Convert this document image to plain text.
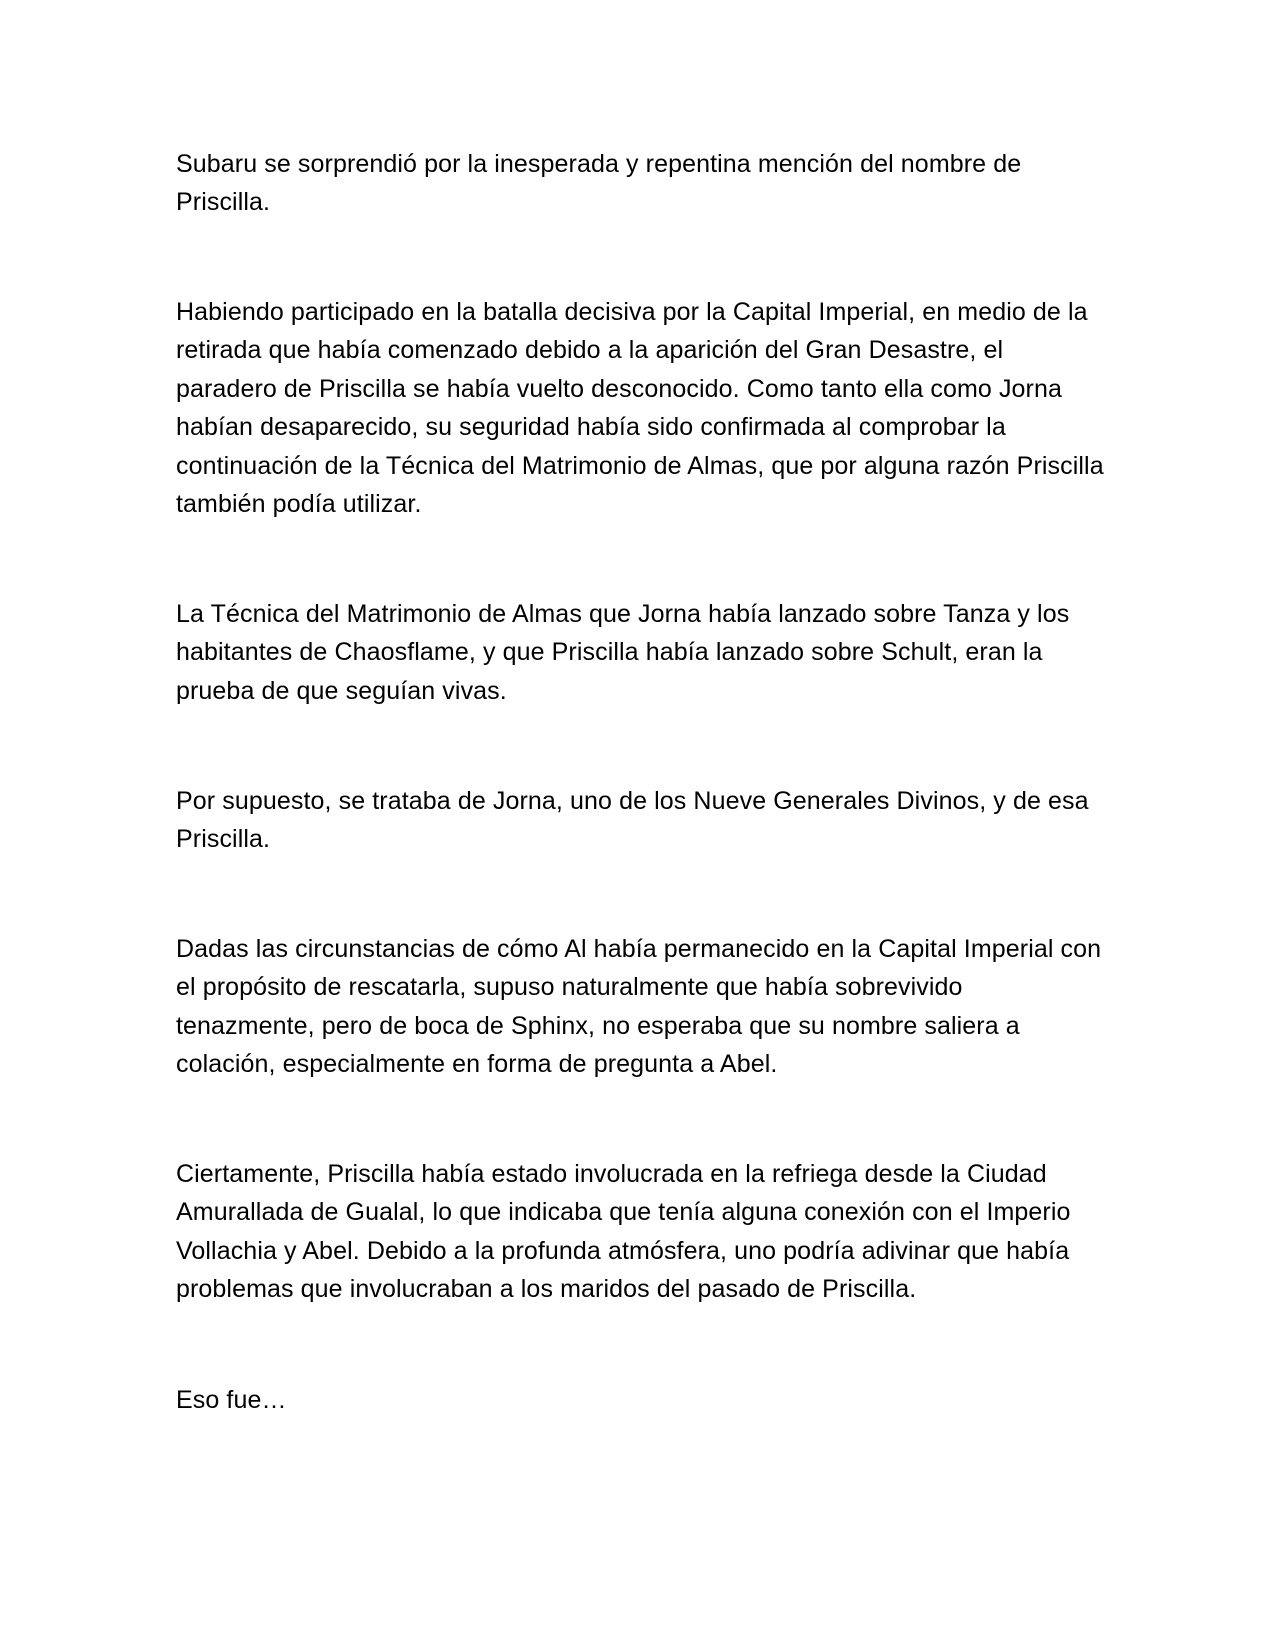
Subaru se sorprendió por la inesperada y repentina mención del nombre de Priscilla.

Habiendo participado en la batalla decisiva por la Capital Imperial, en medio de la retirada que había comenzado debido a la aparición del Gran Desastre, el paradero de Priscilla se había vuelto desconocido. Como tanto ella como Jorna habían desaparecido, su seguridad había sido confirmada al comprobar la continuación de la Técnica del Matrimonio de Almas, que por alguna razón Priscilla también podía utilizar.

La Técnica del Matrimonio de Almas que Jorna había lanzado sobre Tanza y los habitantes de Chaosflame, y que Priscilla había lanzado sobre Schult, eran la prueba de que seguían vivas.

Por supuesto, se trataba de Jorna, uno de los Nueve Generales Divinos, y de esa Priscilla.

Dadas las circunstancias de cómo Al había permanecido en la Capital Imperial con el propósito de rescatarla, supuso naturalmente que había sobrevivido tenazmente, pero de boca de Sphinx, no esperaba que su nombre saliera a colación, especialmente en forma de pregunta a Abel.

Ciertamente, Priscilla había estado involucrada en la refriega desde la Ciudad Amurallada de Gualal, lo que indicaba que tenía alguna conexión con el Imperio Vollachia y Abel. Debido a la profunda atmósfera, uno podría adivinar que había problemas que involucraban a los maridos del pasado de Priscilla.

Eso fue…
